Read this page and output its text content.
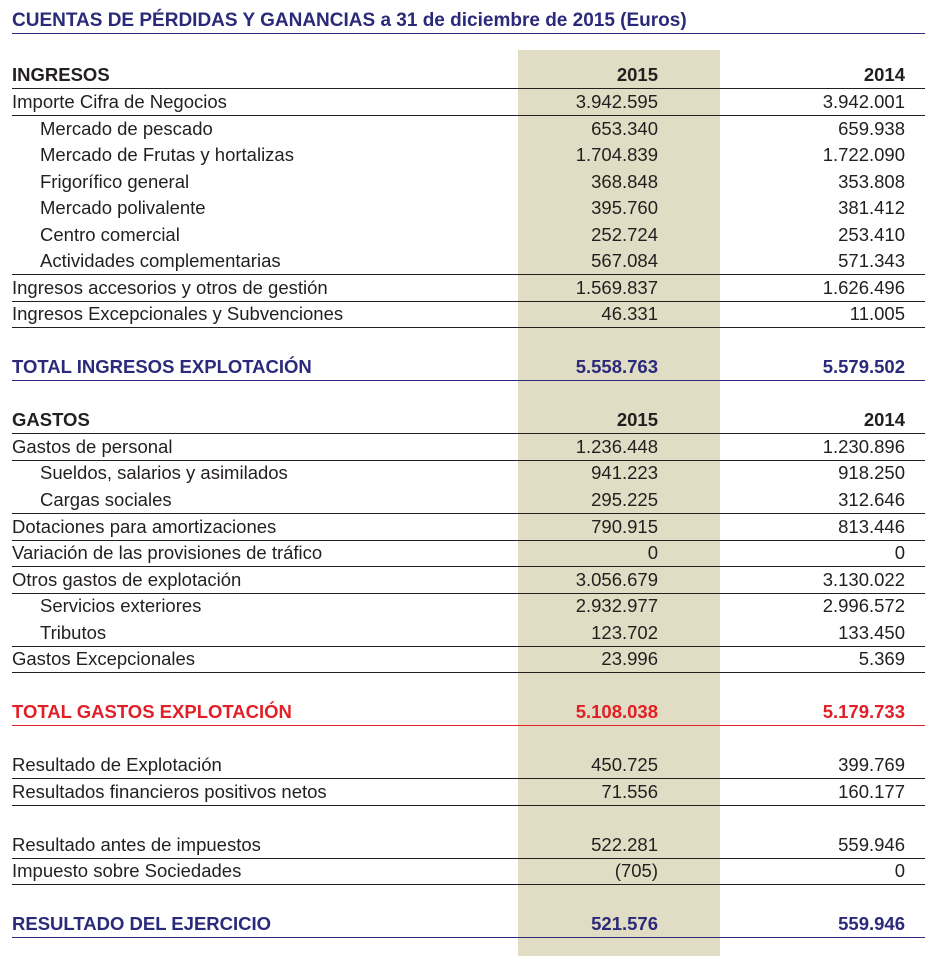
CUENTAS DE PÉRDIDAS Y GANANCIAS a 31 de diciembre de 2015 (Euros)
INGRESOS	2015	2014
Importe Cifra de Negocios	3.942.595	3.942.001
Mercado de pescado	653.340	659.938
Mercado de Frutas y hortalizas	1.704.839	1.722.090
Frigorífico general	368.848	353.808
Mercado polivalente	395.760	381.412
Centro comercial	252.724	253.410
Actividades complementarias	567.084	571.343
Ingresos accesorios y otros de gestión	1.569.837	1.626.496
Ingresos Excepcionales y Subvenciones	46.331	11.005
TOTAL INGRESOS EXPLOTACIÓN	5.558.763	5.579.502
GASTOS	2015	2014
Gastos de personal	1.236.448	1.230.896
Sueldos, salarios y asimilados	941.223	918.250
Cargas sociales	295.225	312.646
Dotaciones para amortizaciones	790.915	813.446
Variación de las provisiones de tráfico	0	0
Otros gastos de explotación	3.056.679	3.130.022
Servicios exteriores	2.932.977	2.996.572
Tributos	123.702	133.450
Gastos Excepcionales	23.996	5.369
TOTAL GASTOS EXPLOTACIÓN	5.108.038	5.179.733
Resultado de Explotación	450.725	399.769
Resultados financieros positivos netos	71.556	160.177
Resultado antes de impuestos	522.281	559.946
Impuesto sobre Sociedades	(705)	0
RESULTADO DEL EJERCICIO	521.576	559.946
